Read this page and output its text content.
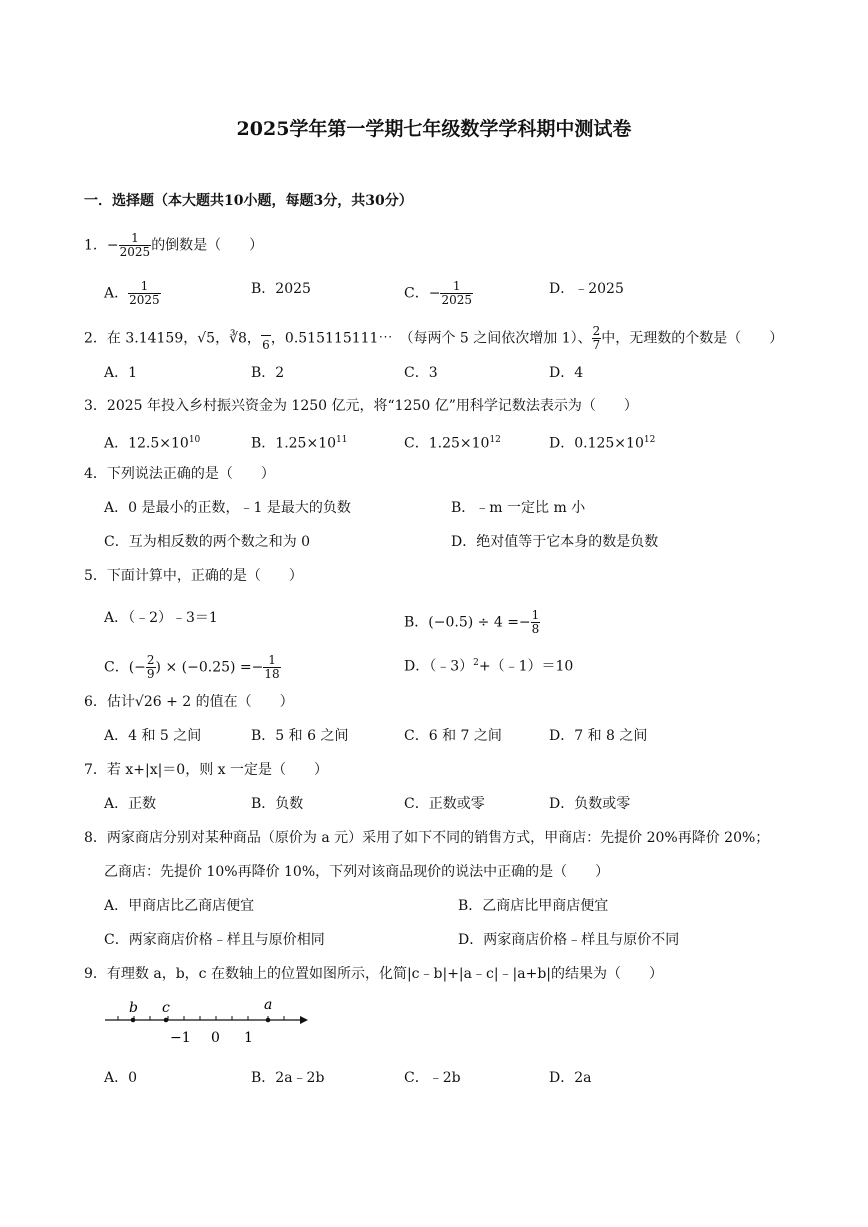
2025学年第一学期七年级数学学科期中测试卷
一．选择题（本大题共10小题，每题3分，共30分）
1．− $\frac{1}{2025}$ 的倒数是（　　）
A． $\frac{1}{2025}$	B．2025	C．− $\frac{1}{2025}$	D．﹣2025
2．在 3.14159，√5，∛8， 6 ，0.515115111⋯　（每两个 5 之间依次增加 1）、 $\frac{2}{7}$ 中，无理数的个数是（　　）
A．1	B．2	C．3	D．4
3．2025 年投入乡村振兴资金为 1250 亿元，将“1250 亿”用科学记数法表示为（　　）
A．$12.5\times 10^{10}$	B．$1.25\times 10^{11}$	C．$1.25\times 10^{12}$	D．$0.125\times 10^{12}$
4．下列说法正确的是（　　）
A．0 是最小的正数，﹣1 是最大的负数	B．﹣m 一定比 m 小
C．互为相反数的两个数之和为 0	D．绝对值等于它本身的数是负数
5．下面计算中，正确的是（　　）
A．（﹣2）﹣3＝1	B．$(-0.5) \div 4 =- \frac{1}{8}$
C．(− $\frac{2}{9}$ ) × $(-0.25) =- \frac{1}{18}$	D．（﹣3）$^2$+（﹣1）＝10
6．估计√26 + 2 的值在（　　）
A．4 和 5 之间	B．5 和 6 之间	C．6 和 7 之间	D．7 和 8 之间
7．若 x+|x|＝0，则 x 一定是（　　）
A．正数	B．负数	C．正数或零	D．负数或零
8．两家商店分别对某种商品（原价为 a 元）采用了如下不同的销售方式，甲商店：先提价 20%再降价 20%；
乙商店：先提价 10%再降价 10%，下列对该商品现价的说法中正确的是（　　）
A．甲商店比乙商店便宜	B．乙商店比甲商店便宜
C．两家商店价格﹣样且与原价相同	D．两家商店价格﹣样且与原价不同
9．有理数 a，b，c 在数轴上的位置如图所示，化简|c﹣b|+|a﹣c|﹣|a+b|的结果为（　　）
b c	a
−1 0 1
A．0	B．2a﹣2b	C．﹣2b	D．2a
